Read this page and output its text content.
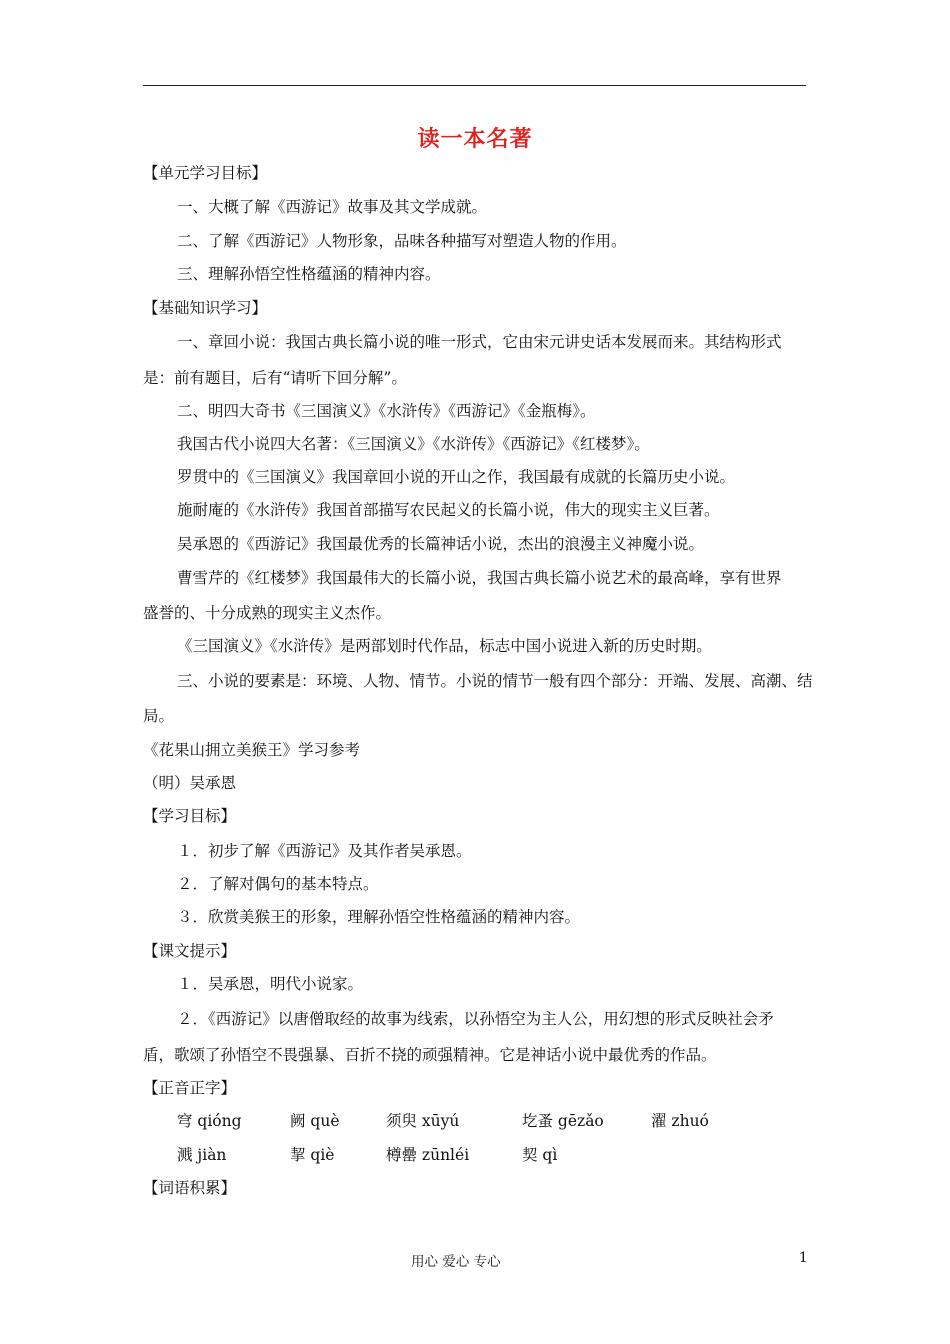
读一本名著
【单元学习目标】
一、大概了解《西游记》故事及其文学成就。
二、了解《西游记》人物形象，品味各种描写对塑造人物的作用。
三、理解孙悟空性格蕴涵的精神内容。
【基础知识学习】
一、章回小说：我国古典长篇小说的唯一形式，它由宋元讲史话本发展而来。其结构形式
是：前有题目，后有“请听下回分解”。
二、明四大奇书《三国演义》《水浒传》《西游记》《金瓶梅》。
我国古代小说四大名著：《三国演义》《水浒传》《西游记》《红楼梦》。
罗贯中的《三国演义》我国章回小说的开山之作，我国最有成就的长篇历史小说。
施耐庵的《水浒传》我国首部描写农民起义的长篇小说，伟大的现实主义巨著。
吴承恩的《西游记》我国最优秀的长篇神话小说，杰出的浪漫主义神魔小说。
曹雪芹的《红楼梦》我国最伟大的长篇小说，我国古典长篇小说艺术的最高峰，享有世界
盛誉的、十分成熟的现实主义杰作。
《三国演义》《水浒传》是两部划时代作品，标志中国小说进入新的历史时期。
三、小说的要素是：环境、人物、情节。小说的情节一般有四个部分：开端、发展、高潮、结
局。
《花果山拥立美猴王》学习参考
（明）吴承恩
【学习目标】
１．初步了解《西游记》及其作者吴承恩。
２．了解对偶句的基本特点。
３．欣赏美猴王的形象，理解孙悟空性格蕴涵的精神内容。
【课文提示】
１．吴承恩，明代小说家。
２．《西游记》以唐僧取经的故事为线索，以孙悟空为主人公，用幻想的形式反映社会矛
盾，歌颂了孙悟空不畏强暴、百折不挠的顽强精神。它是神话小说中最优秀的作品。
【正音正字】
穹 qióng	阙 què	须臾 xūyú	圪蚤 gēzǎo	濯 zhuó
溅 jiàn	挈 qiè	樽罍 zūnléi	契 qì
【词语积累】
用心 爱心 专心	1
